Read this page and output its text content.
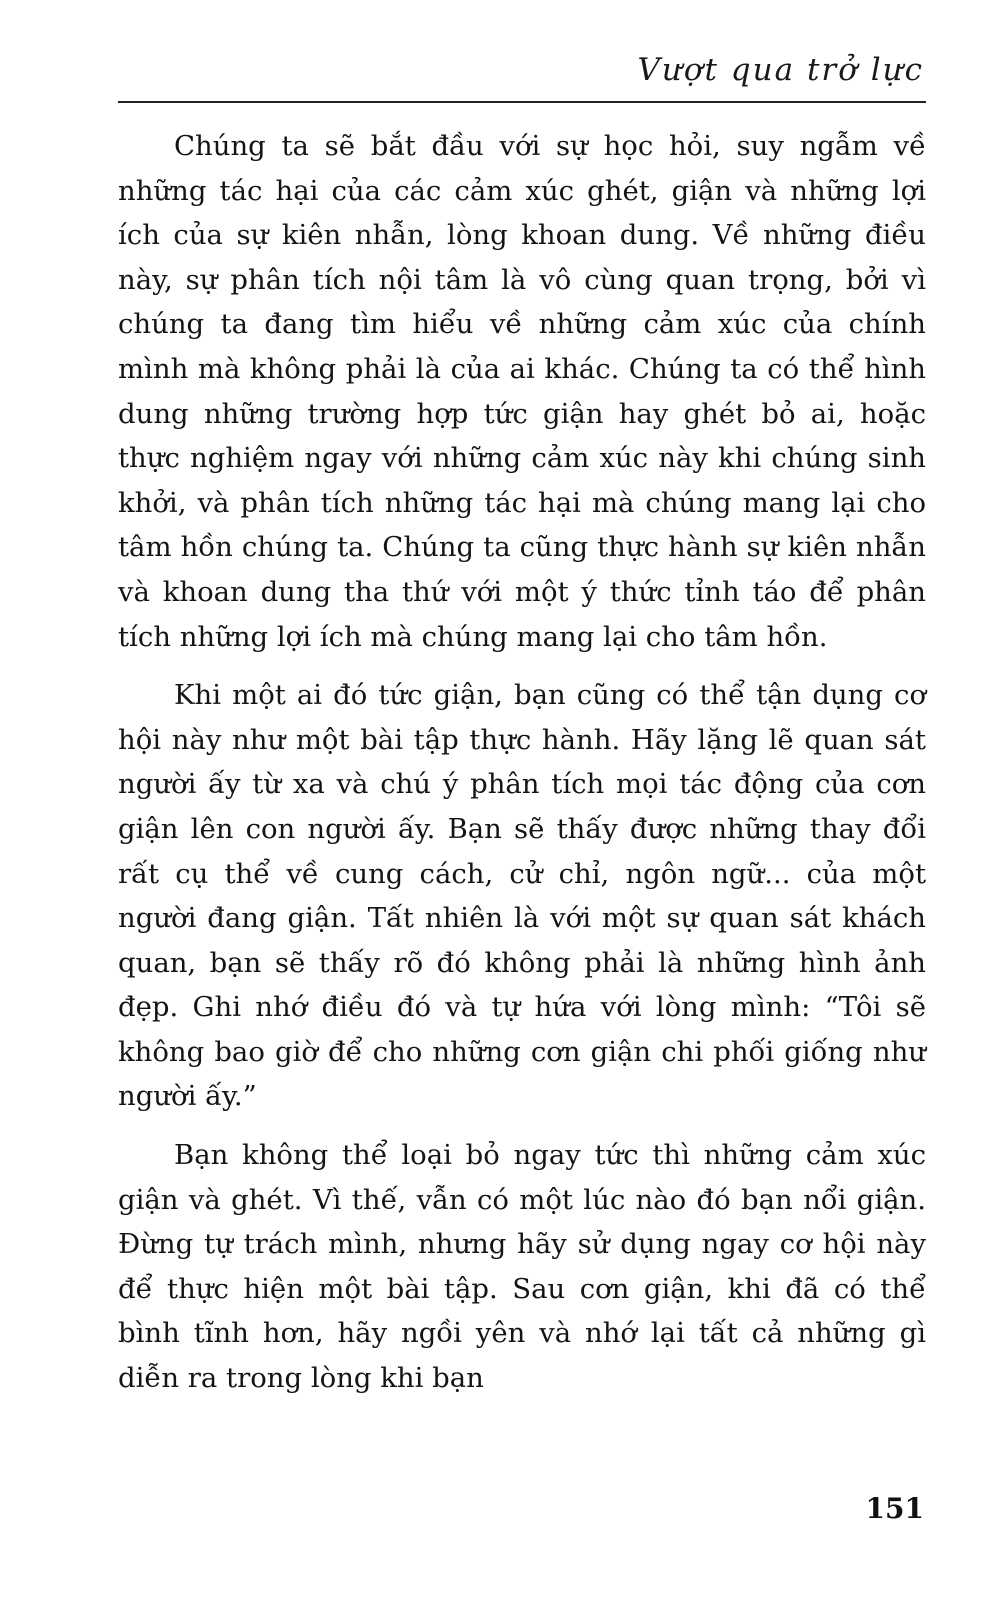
Vượt qua trở lực

Chúng ta sẽ bắt đầu với sự học hỏi, suy ngẫm về những tác hại của các cảm xúc ghét, giận và những lợi ích của sự kiên nhẫn, lòng khoan dung. Về những điều này, sự phân tích nội tâm là vô cùng quan trọng, bởi vì chúng ta đang tìm hiểu về những cảm xúc của chính mình mà không phải là của ai khác. Chúng ta có thể hình dung những trường hợp tức giận hay ghét bỏ ai, hoặc thực nghiệm ngay với những cảm xúc này khi chúng sinh khởi, và phân tích những tác hại mà chúng mang lại cho tâm hồn chúng ta. Chúng ta cũng thực hành sự kiên nhẫn và khoan dung tha thứ với một ý thức tỉnh táo để phân tích những lợi ích mà chúng mang lại cho tâm hồn.

Khi một ai đó tức giận, bạn cũng có thể tận dụng cơ hội này như một bài tập thực hành. Hãy lặng lẽ quan sát người ấy từ xa và chú ý phân tích mọi tác động của cơn giận lên con người ấy. Bạn sẽ thấy được những thay đổi rất cụ thể về cung cách, cử chỉ, ngôn ngữ... của một người đang giận. Tất nhiên là với một sự quan sát khách quan, bạn sẽ thấy rõ đó không phải là những hình ảnh đẹp. Ghi nhớ điều đó và tự hứa với lòng mình: “Tôi sẽ không bao giờ để cho những cơn giận chi phối giống như người ấy.”

Bạn không thể loại bỏ ngay tức thì những cảm xúc giận và ghét. Vì thế, vẫn có một lúc nào đó bạn nổi giận. Đừng tự trách mình, nhưng hãy sử dụng ngay cơ hội này để thực hiện một bài tập. Sau cơn giận, khi đã có thể bình tĩnh hơn, hãy ngồi yên và nhớ lại tất cả những gì diễn ra trong lòng khi bạn

151
